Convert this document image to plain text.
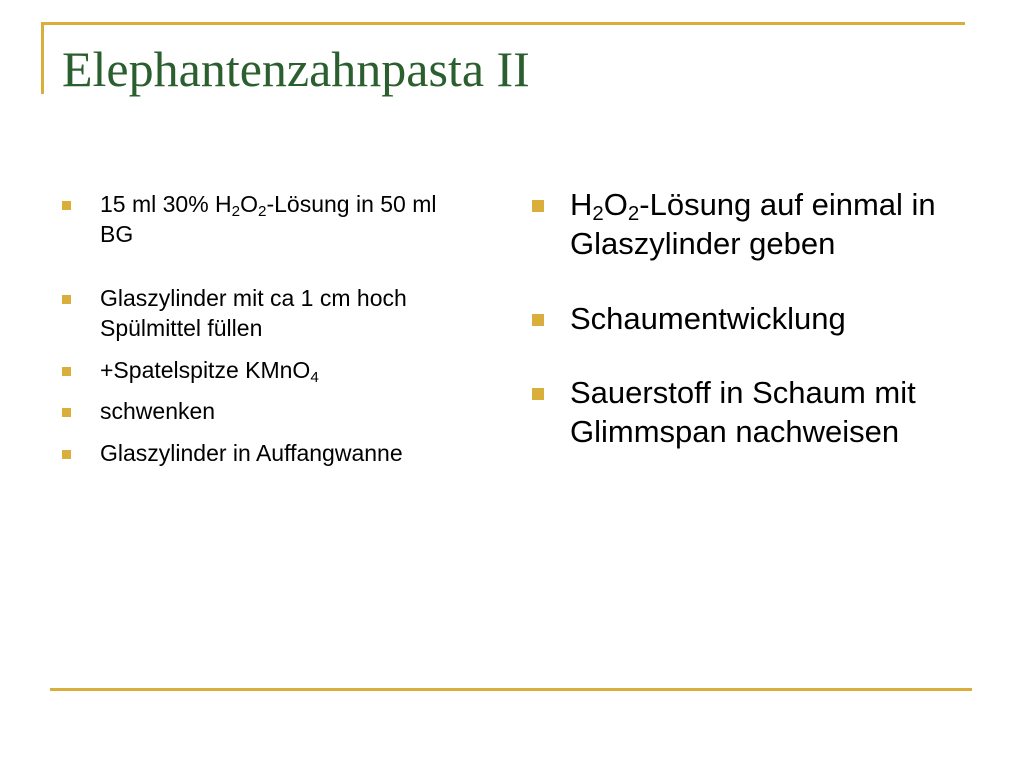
Elephantenzahnpasta II
15 ml 30% $H_2O_2$-Lösung in 50 ml BG
Glaszylinder mit ca 1 cm hoch Spülmittel füllen
+Spatelspitze KMnO$_4$
schwenken
Glaszylinder in Auffangwanne
$H_2O_2$-Lösung auf einmal in Glaszylinder geben
Schaumentwicklung
Sauerstoff in Schaum mit Glimmspan nachweisen
